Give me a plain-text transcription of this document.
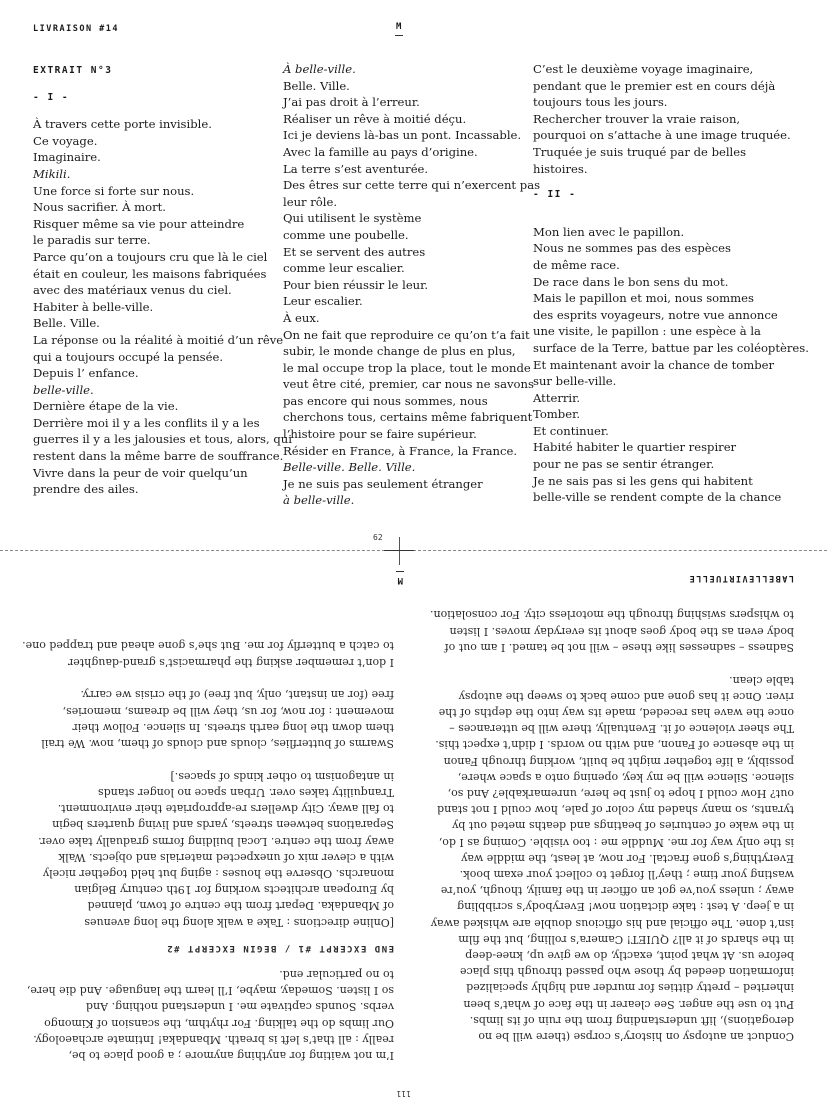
LIVRAISON #14	M

EXTRAIT N°3

- I -

À travers cette porte invisible.

Ce voyage.

Imaginaire.

Mikili.

Une force si forte sur nous.

Nous sacrifier. À mort.

Risquer même sa vie pour atteindre

le paradis sur terre.

Parce qu’on a toujours cru que là le ciel

était en couleur, les maisons fabriquées

avec des matériaux venus du ciel.

Habiter à belle-ville.

Belle. Ville.

La réponse ou la réalité à moitié d’un rêve

qui a toujours occupé la pensée.

Depuis l’ enfance.

belle-ville.

Dernière étape de la vie.

Derrière moi il y a les conflits il y a les

guerres il y a les jalousies et tous, alors, qui

restent dans la même barre de souffrance.

Vivre dans la peur de voir quelqu’un

prendre des ailes.

À belle-ville.

Belle. Ville.

J’ai pas droit à l’erreur.

Réaliser un rêve à moitié déçu.

Ici je deviens là-bas un pont. Incassable.

Avec la famille au pays d’origine.

La terre s’est aventurée.

Des êtres sur cette terre qui n’exercent pas

leur rôle.

Qui utilisent le système

comme une poubelle.

Et se servent des autres

comme leur escalier.

Pour bien réussir le leur.

Leur escalier.

À eux.

On ne fait que reproduire ce qu’on t’a fait

subir, le monde change de plus en plus,

le mal occupe trop la place, tout le monde

veut être cité, premier, car nous ne savons

pas encore qui nous sommes, nous

cherchons tous, certains même fabriquent

l’histoire pour se faire supérieur.

Résider en France, à France, la France.

Belle-ville. Belle. Ville.

Je ne suis pas seulement étranger

à belle-ville.

C’est le deuxième voyage imaginaire,

pendant que le premier est en cours déjà

toujours tous les jours.

Rechercher trouver la vraie raison,

pourquoi on s’attache à une image truquée.

Truquée je suis truqué par de belles

histoires.

- II -

Mon lien avec le papillon.

Nous ne sommes pas des espèces

de même race.

De race dans le bon sens du mot.

Mais le papillon et moi, nous sommes

des esprits voyageurs, notre vue annonce

une visite, le papillon : une espèce à la

surface de la Terre, battue par les coléoptères.

Et maintenant avoir la chance de tomber

sur belle-ville.

Atterrir.

Tomber.

Et continuer.

Habité habiter le quartier respirer

pour ne pas se sentir étranger.

Je ne sais pas si les gens qui habitent

belle-ville se rendent compte de la chance

62
111
LABELLEVIRTUELLE
M

Conduct an autopsy on history’s corpse (there will be no

derogations), lift understanding from the ruin of its limbs.

Put to use the anger. See clearer in the face of what’s been

inherited – pretty ditties for murder and highly specialized

information deeded by those who passed through this place

before us. At what point, exactly, do we give up, knee-deep

in the shards of it all? QUIET! Camera’s rolling, but the film

isn’t done. The official and his officious double are whisked away

in a jeep. A test : take dictation now! Everybody’s scribbling

away ; unless you’ve got an officer in the family, though, you’re

wasting your time ; they’ll forget to collect your exam book.

Everything’s gone fractal. For now, at least, the middle way

is the only way for me. Muddle me : too visible. Coming as I do,

in the wake of centuries of beatings and deaths meted out by

tyrants, so many shaded my color of pale, how could I not stand

out? How could I hope to just be here, unremarkable? And so,

silence. Silence will be my key, opening onto a space where,

possibly, a life together might be built, working through Fanon

in the absence of Fanon, and with no words. I didn’t expect this.

The sheer violence of it. Eventually, there will be utterances –

once the wave has receded, made its way into the depths of the

river. Once it has gone and come back to sweep the autopsy

table clean.

Sadness – sadnesses like these – will not be tamed. I am out of

body even as the body goes about its everyday moves. I listen

to whispers swishing through the motorless city. For consolation.

I’m not waiting for anything anymore ; a good place to be,

really : all that’s left is breath. Mbandaka! Intimate archaeology.

Our limbs do the talking. For rhythm, the scansion of Kimongo

verbs. Sounds captivate me. I understand nothing. And

so I listen. Someday, maybe, I’ll learn the language. And die here,

to no particular end.

END EXCERPT #1 / BEGIN EXCERPT #2

[Online directions : Take a walk along the long avenues

of Mbandaka. Depart from the centre of town, planned

by European architects working for 19th century Belgian

monarchs. Observe the houses : aging but held together nicely

with a clever mix of unexpected materials and objects. Walk

away from the centre. Local building forms gradually take over.

Separations between streets, yards and living quarters begin

to fall away. City dwellers re-appropriate their environment.

Tranquility takes over. Urban space no longer stands

in antagonism to other kinds of spaces.]

Swarms of butterflies, clouds and clouds of them, now. We trail

them down the long earth streets. In silence. Follow their

movement : for now, for us, they will be dreams, memories,

free (for an instant, only, but free) of the crisis we carry.

I don’t remember asking the pharmacist’s grand-daughter

to catch a butterfly for me. But she’s gone ahead and trapped one.
